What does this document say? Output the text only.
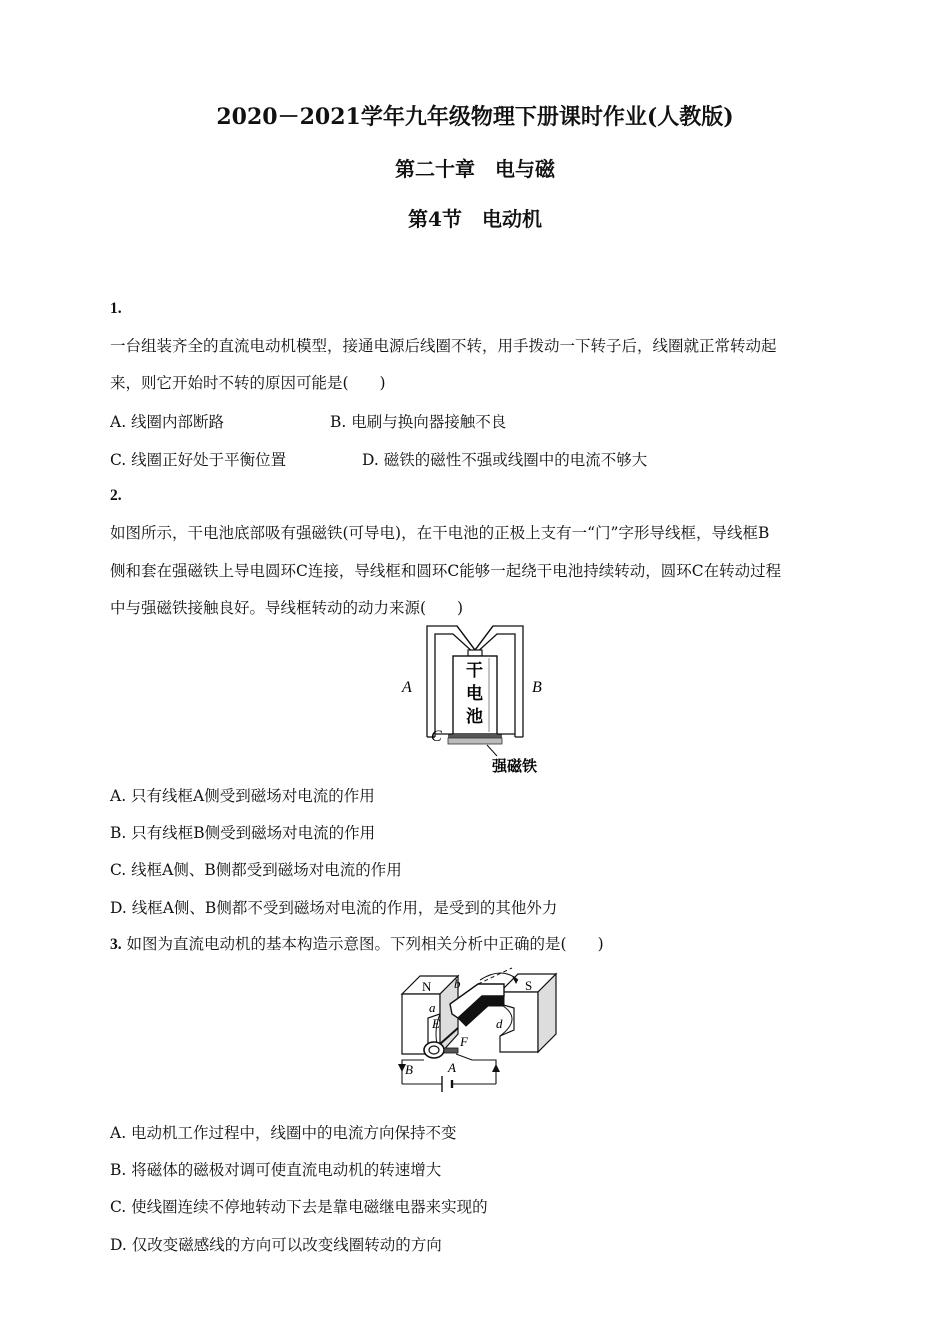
2020－2021学年九年级物理下册课时作业(人教版)
第二十章　电与磁
第4节　电动机
1.
一台组装齐全的直流电动机模型，接通电源后线圈不转，用手拨动一下转子后，线圈就正常转动起
来，则它开始时不转的原因可能是(　　)
A. 线圈内部断路	B. 电刷与换向器接触不良
C. 线圈正好处于平衡位置	D. 磁铁的磁性不强或线圈中的电流不够大
2.
如图所示，干电池底部吸有强磁铁(可导电)，在干电池的正极上支有一“门”字形导线框，导线框B
侧和套在强磁铁上导电圆环C连接，导线框和圆环C能够一起绕干电池持续转动，圆环C在转动过程
中与强磁铁接触良好。导线框转动的动力来源(　　)
干
电
池
A	B
C
强磁铁
A. 只有线框A侧受到磁场对电流的作用
B. 只有线框B侧受到磁场对电流的作用
C. 线框A侧、B侧都受到磁场对电流的作用
D. 线框A侧、B侧都不受到磁场对电流的作用，是受到的其他外力
3. 如图为直流电动机的基本构造示意图。下列相关分析中正确的是(　　)
N	S
b
a
d
E
F
B	A
A. 电动机工作过程中，线圈中的电流方向保持不变
B. 将磁体的磁极对调可使直流电动机的转速增大
C. 使线圈连续不停地转动下去是靠电磁继电器来实现的
D. 仅改变磁感线的方向可以改变线圈转动的方向
